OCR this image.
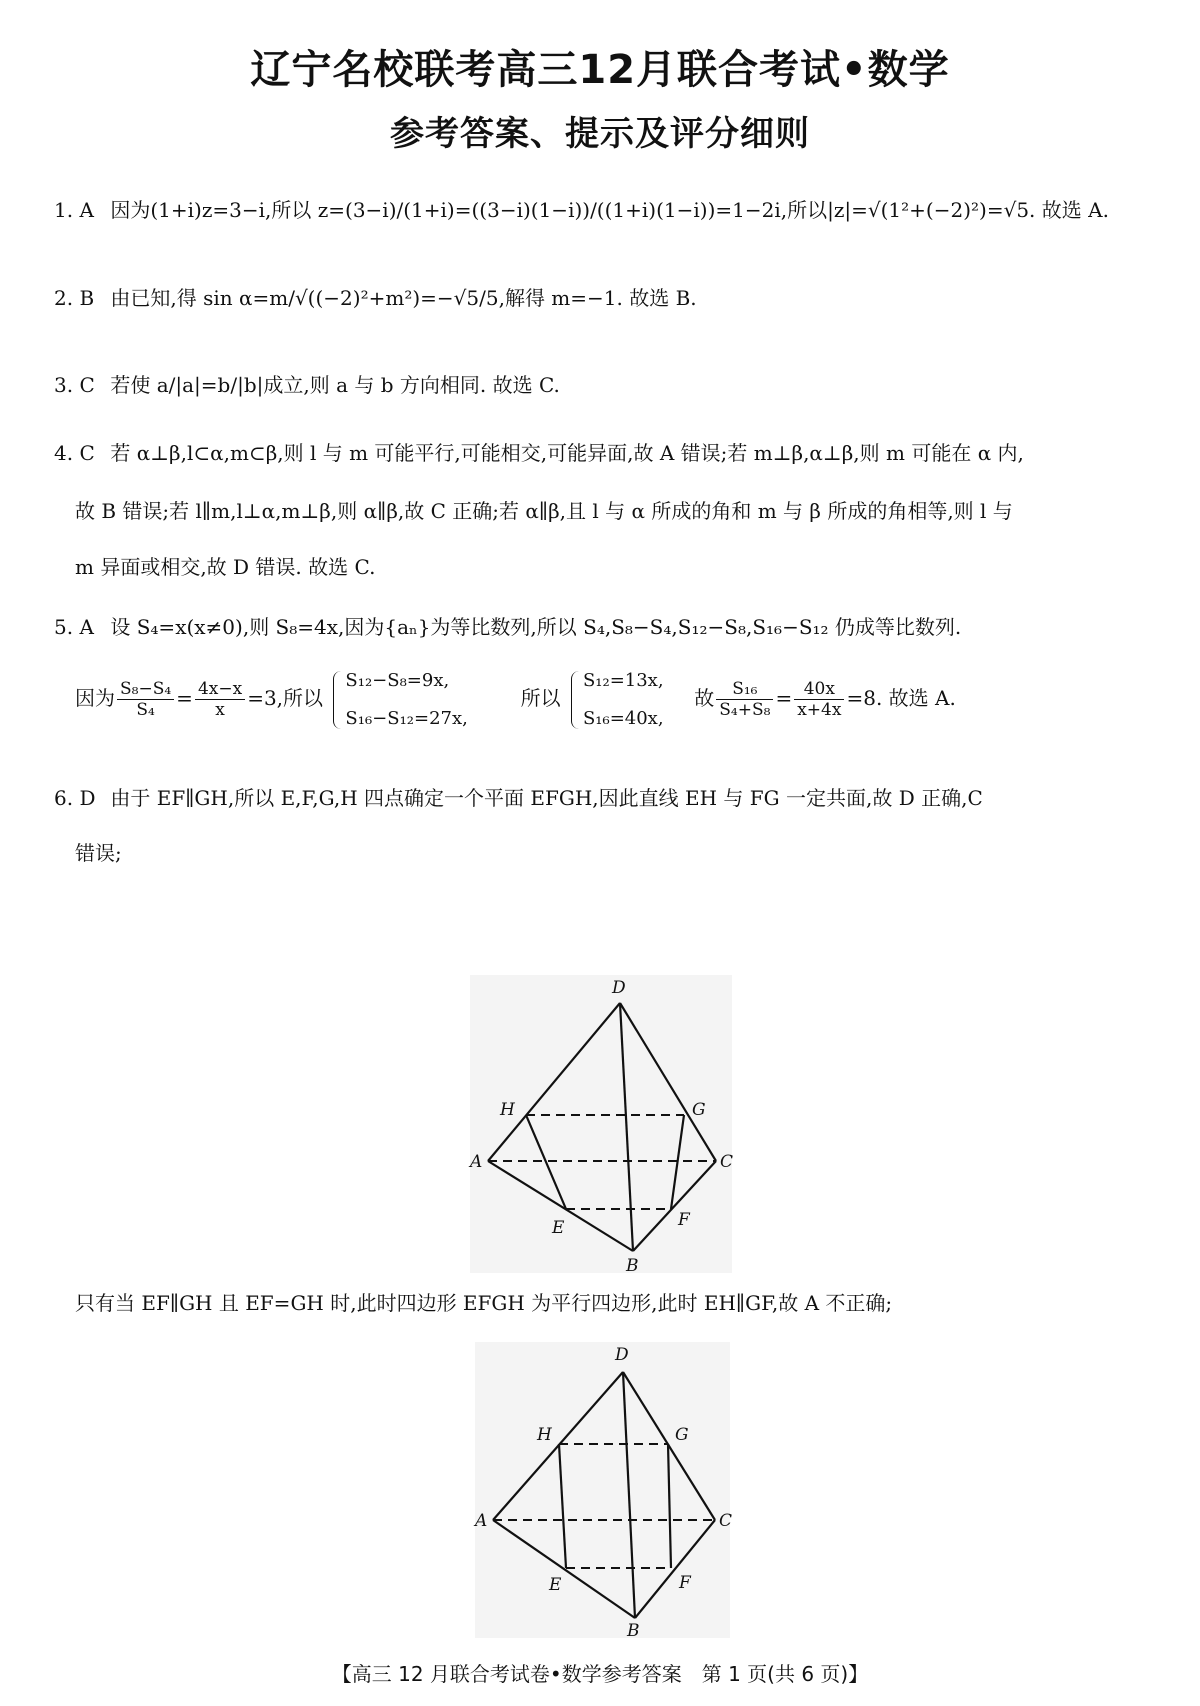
辽宁名校联考高三12月联合考试•数学
参考答案、提示及评分细则
1. A 因为(1+i)z=3−i,所以 z=(3−i)/(1+i)=((3−i)(1−i))/((1+i)(1−i))=1−2i,所以|z|=√(1²+(−2)²)=√5. 故选 A.
2. B 由已知,得 sin α=m/√((−2)²+m²)=−√5/5,解得 m=−1. 故选 B.
3. C 若使 a/|a|=b/|b|成立,则 a 与 b 方向相同. 故选 C.
4. C 若 α⊥β,l⊂α,m⊂β,则 l 与 m 可能平行,可能相交,可能异面,故 A 错误;若 m⊥β,α⊥β,则 m 可能在 α 内,
故 B 错误;若 l∥m,l⊥α,m⊥β,则 α∥β,故 C 正确;若 α∥β,且 l 与 α 所成的角和 m 与 β 所成的角相等,则 l 与
m 异面或相交,故 D 错误. 故选 C.
5. A 设 S₄=x(x≠0),则 S₈=4x,因为{aₙ}为等比数列,所以 S₄,S₈−S₄,S₁₂−S₈,S₁₆−S₁₂ 仍成等比数列.
因为 $\frac{\text{S₈−S₄}}{\text{S₄}} = \frac{4x-x}{x} =3$,所以
S₁₂−S₈=9x,
S₁₆−S₁₂=27x,
所以
S₁₂=13x,
S₁₆=40x,
故 $\frac{\text{S₁₆}}{\text{S₄+S₈}} = \frac{40x}{x+4x} =8$. 故选 A.
6. D 由于 EF∥GH,所以 E,F,G,H 四点确定一个平面 EFGH,因此直线 EH 与 FG 一定共面,故 D 正确,C
错误;
D
H	G
A	C
E	F
B
只有当 EF∥GH 且 EF=GH 时,此时四边形 EFGH 为平行四边形,此时 EH∥GF,故 A 不正确;
D
H	G
A	C
E	F
B
【高三 12 月联合考试卷•数学参考答案　第 1 页(共 6 页)】
